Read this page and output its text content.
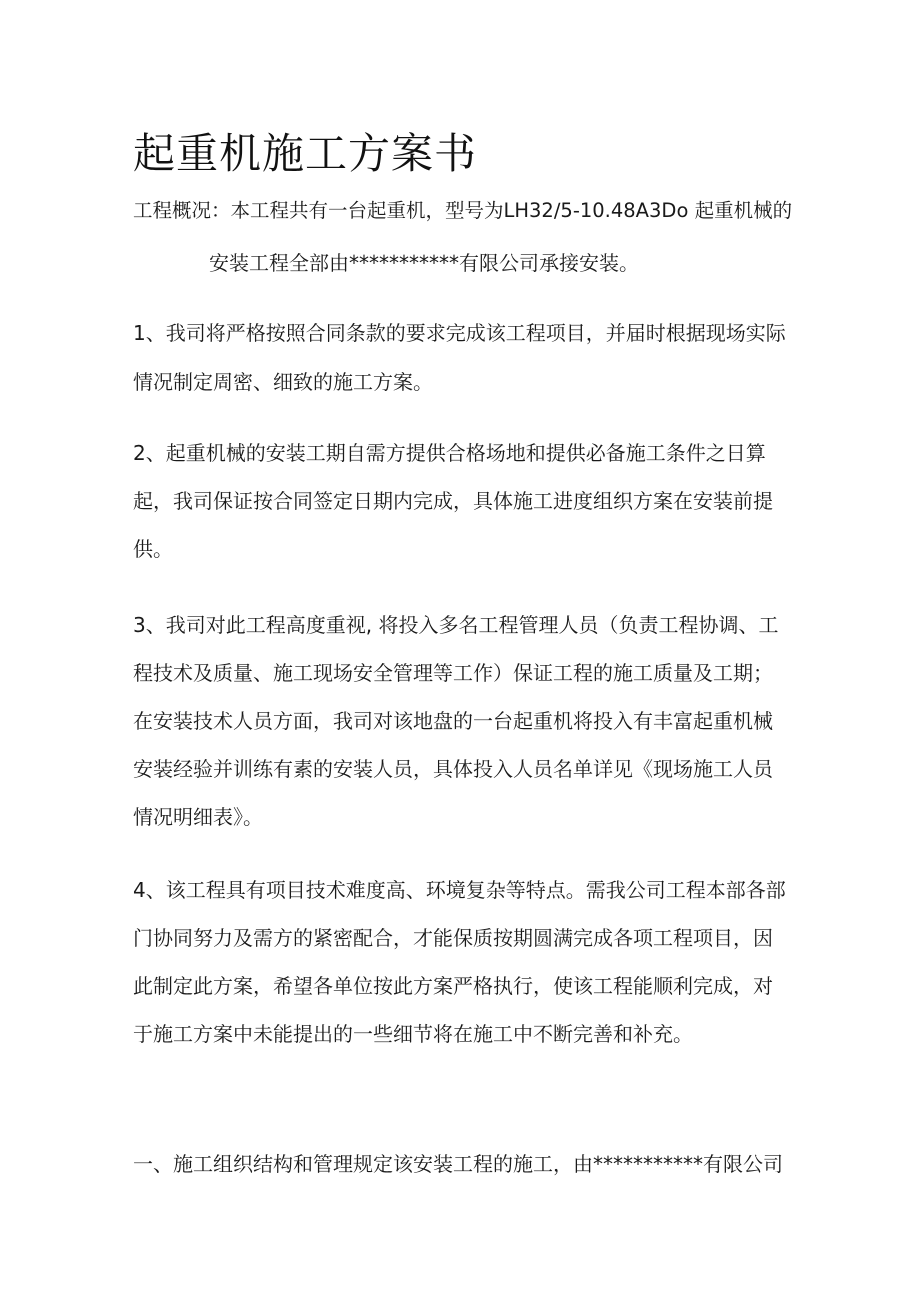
起重机施工方案书
工程概况：本工程共有一台起重机，型号为LH32∕5-10.48A3Do 起重机械的
安装工程全部由***********有限公司承接安装。
1、我司将严格按照合同条款的要求完成该工程项目，并届时根据现场实际
情况制定周密、细致的施工方案。
2、起重机械的安装工期自需方提供合格场地和提供必备施工条件之日算
起，我司保证按合同签定日期内完成，具体施工进度组织方案在安装前提
供。
3、我司对此工程高度重视, 将投入多名工程管理人员（负责工程协调、工
程技术及质量、施工现场安全管理等工作）保证工程的施工质量及工期；
在安装技术人员方面，我司对该地盘的一台起重机将投入有丰富起重机械
安装经验并训练有素的安装人员，具体投入人员名单详见《现场施工人员
情况明细表》。
4、该工程具有项目技术难度高、环境复杂等特点。需我公司工程本部各部
门协同努力及需方的紧密配合，才能保质按期圆满完成各项工程项目，因
此制定此方案，希望各单位按此方案严格执行，使该工程能顺利完成，对
于施工方案中未能提出的一些细节将在施工中不断完善和补充。
一、施工组织结构和管理规定该安装工程的施工，由***********有限公司
